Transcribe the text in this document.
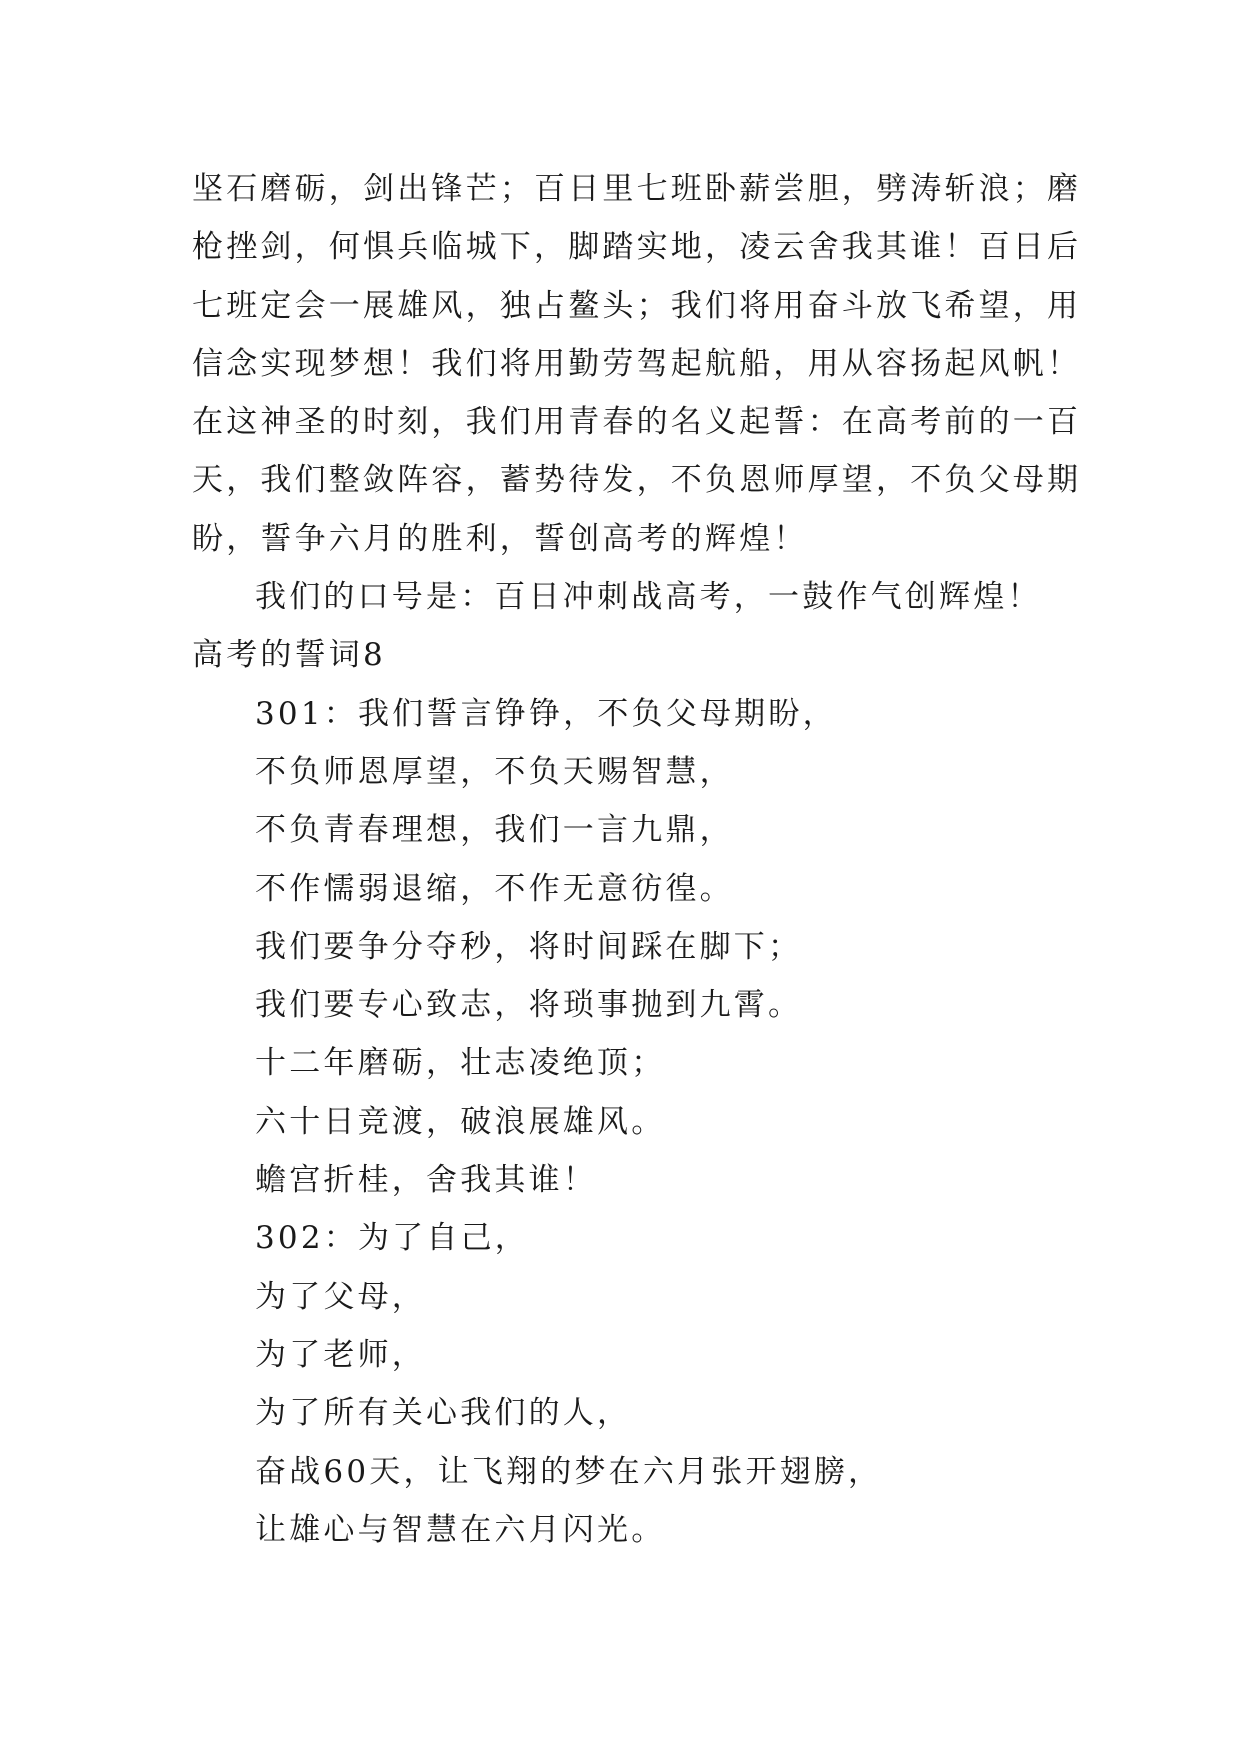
坚石磨砺，剑出锋芒；百日里七班卧薪尝胆，劈涛斩浪；磨
枪挫剑，何惧兵临城下，脚踏实地，凌云舍我其谁！百日后
七班定会一展雄风，独占鳌头；我们将用奋斗放飞希望，用
信念实现梦想！我们将用勤劳驾起航船，用从容扬起风帆！
在这神圣的时刻，我们用青春的名义起誓：在高考前的一百
天，我们整敛阵容，蓄势待发，不负恩师厚望，不负父母期
盼，誓争六月的胜利，誓创高考的辉煌！
我们的口号是：百日冲刺战高考，一鼓作气创辉煌！
高考的誓词8
301：我们誓言铮铮，不负父母期盼，
不负师恩厚望，不负天赐智慧，
不负青春理想，我们一言九鼎，
不作懦弱退缩，不作无意彷徨。
我们要争分夺秒，将时间踩在脚下；
我们要专心致志，将琐事抛到九霄。
十二年磨砺，壮志凌绝顶；
六十日竞渡，破浪展雄风。
蟾宫折桂，舍我其谁！
302：为了自己，
为了父母，
为了老师，
为了所有关心我们的人，
奋战60天，让飞翔的梦在六月张开翅膀，
让雄心与智慧在六月闪光。
